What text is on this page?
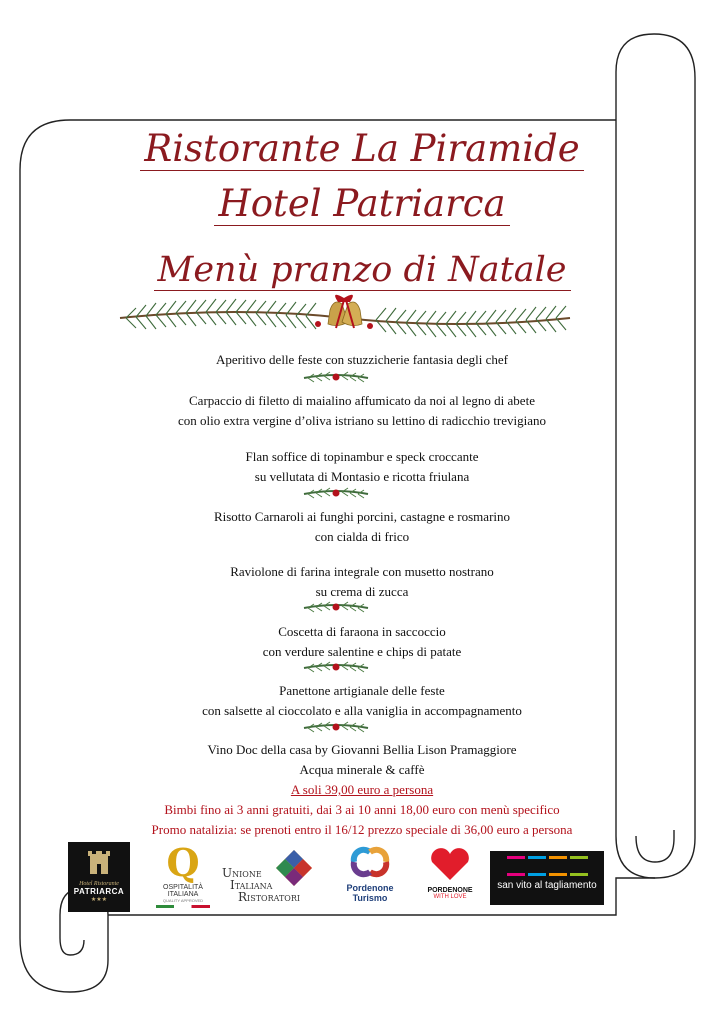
Ristorante La Piramide
Hotel Patriarca
Menù pranzo di Natale
Aperitivo delle feste con stuzzicherie fantasia degli chef
Carpaccio di filetto di maialino affumicato da noi al legno di abete
con olio extra vergine d’oliva istriano su lettino di radicchio trevigiano
Flan soffice di topinambur e speck croccante
su vellutata di Montasio e ricotta friulana
Risotto Carnaroli ai funghi porcini, castagne e rosmarino
con cialda di frico
Raviolone di farina integrale con musetto nostrano
su crema di zucca
Coscetta di faraona in saccoccio
con verdure salentine e chips di patate
Panettone artigianale delle feste
con salsette al cioccolato e alla vaniglia in accompagnamento
Vino Doc della casa by Giovanni Bellia Lison Pramaggiore
Acqua minerale & caffè
A soli 39,00 euro a persona
Bimbi fino ai 3 anni gratuiti, dai 3 ai 10 anni 18,00 euro con menù specifico
Promo natalizia: se prenoti entro il 16/12 prezzo speciale di 36,00 euro a persona
Hotel Ristorante
PATRIARCA
★★★
Q
OSPITALITÀ ITALIANA
QUALITY APPROVED
UNIONE
ITALIANA
RISTORATORI
Pordenone
Turismo
PORDENONE
WITH LOVE
san vito al tagliamento
